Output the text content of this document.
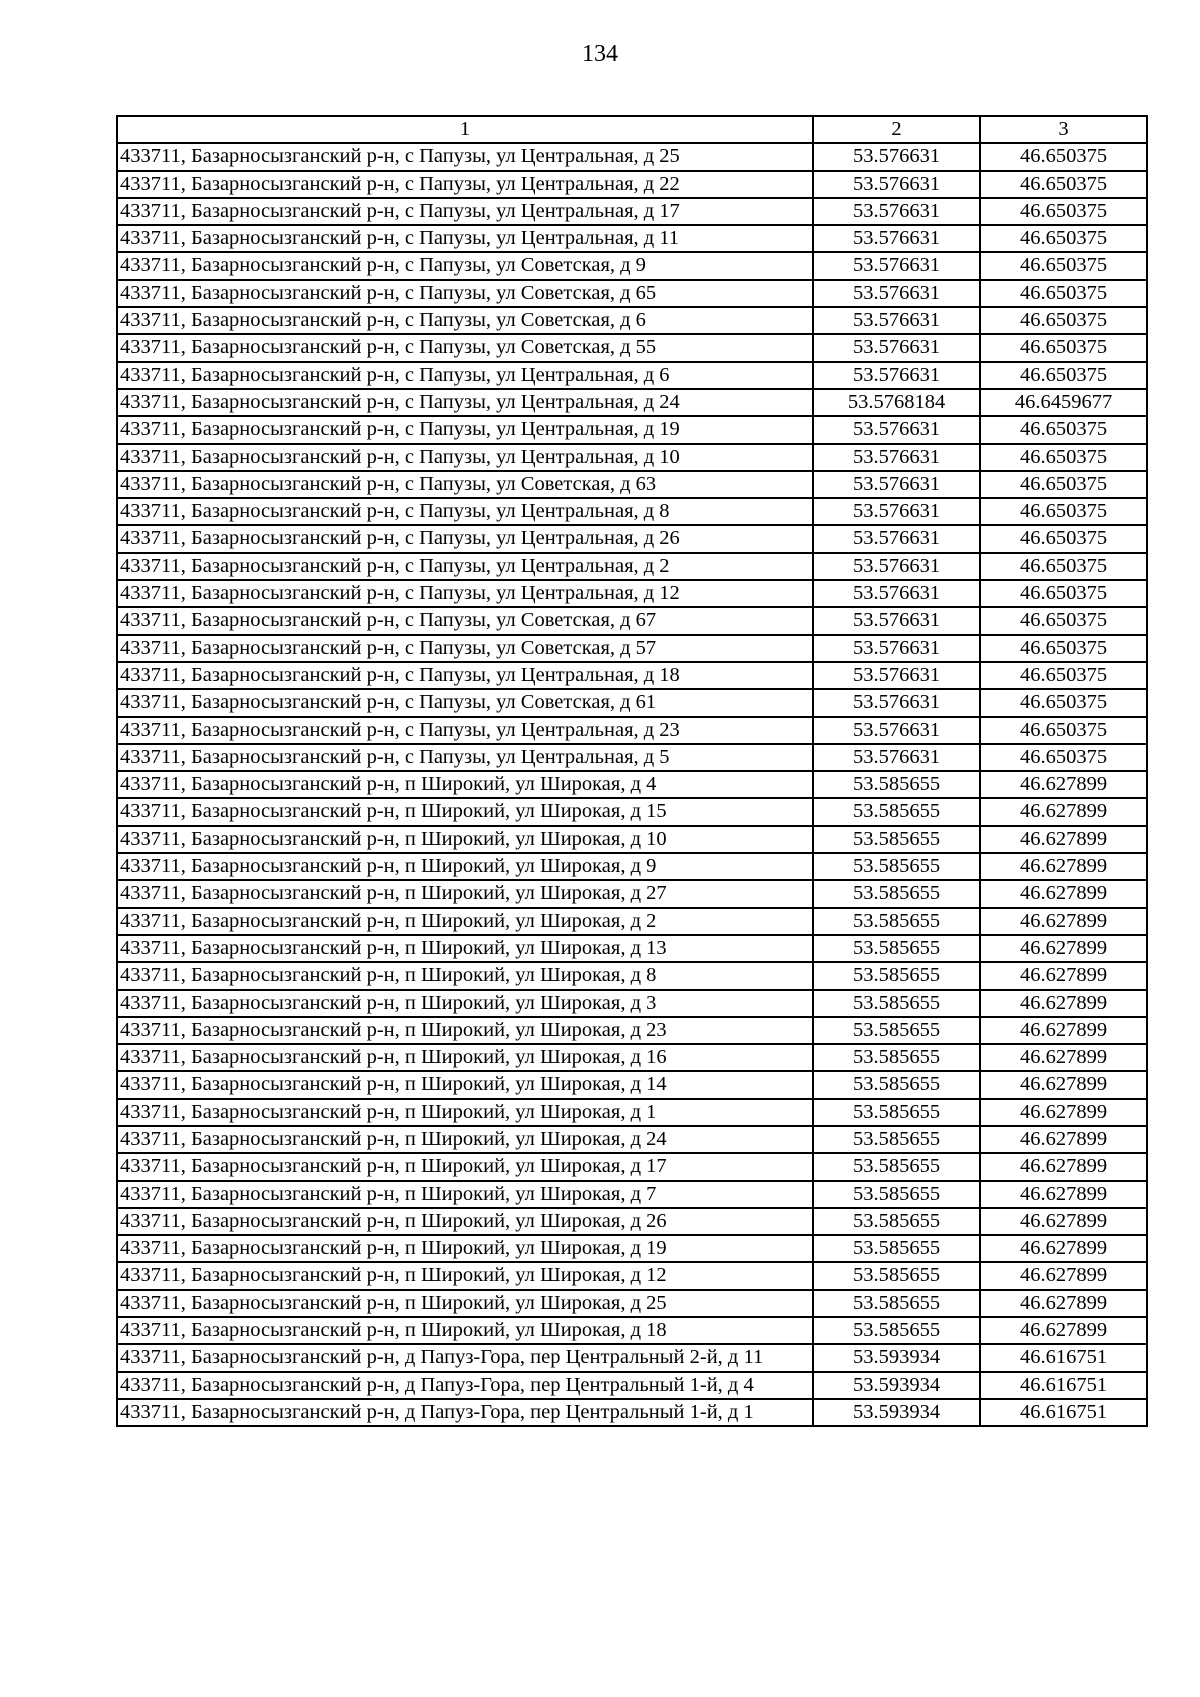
134
1	2	3
433711, Базарносызганский р-н, с Папузы, ул Центральная, д 25	53.576631	46.650375
433711, Базарносызганский р-н, с Папузы, ул Центральная, д 22	53.576631	46.650375
433711, Базарносызганский р-н, с Папузы, ул Центральная, д 17	53.576631	46.650375
433711, Базарносызганский р-н, с Папузы, ул Центральная, д 11	53.576631	46.650375
433711, Базарносызганский р-н, с Папузы, ул Советская, д 9	53.576631	46.650375
433711, Базарносызганский р-н, с Папузы, ул Советская, д 65	53.576631	46.650375
433711, Базарносызганский р-н, с Папузы, ул Советская, д 6	53.576631	46.650375
433711, Базарносызганский р-н, с Папузы, ул Советская, д 55	53.576631	46.650375
433711, Базарносызганский р-н, с Папузы, ул Центральная, д 6	53.576631	46.650375
433711, Базарносызганский р-н, с Папузы, ул Центральная, д 24	53.5768184	46.6459677
433711, Базарносызганский р-н, с Папузы, ул Центральная, д 19	53.576631	46.650375
433711, Базарносызганский р-н, с Папузы, ул Центральная, д 10	53.576631	46.650375
433711, Базарносызганский р-н, с Папузы, ул Советская, д 63	53.576631	46.650375
433711, Базарносызганский р-н, с Папузы, ул Центральная, д 8	53.576631	46.650375
433711, Базарносызганский р-н, с Папузы, ул Центральная, д 26	53.576631	46.650375
433711, Базарносызганский р-н, с Папузы, ул Центральная, д 2	53.576631	46.650375
433711, Базарносызганский р-н, с Папузы, ул Центральная, д 12	53.576631	46.650375
433711, Базарносызганский р-н, с Папузы, ул Советская, д 67	53.576631	46.650375
433711, Базарносызганский р-н, с Папузы, ул Советская, д 57	53.576631	46.650375
433711, Базарносызганский р-н, с Папузы, ул Центральная, д 18	53.576631	46.650375
433711, Базарносызганский р-н, с Папузы, ул Советская, д 61	53.576631	46.650375
433711, Базарносызганский р-н, с Папузы, ул Центральная, д 23	53.576631	46.650375
433711, Базарносызганский р-н, с Папузы, ул Центральная, д 5	53.576631	46.650375
433711, Базарносызганский р-н, п Широкий, ул Широкая, д 4	53.585655	46.627899
433711, Базарносызганский р-н, п Широкий, ул Широкая, д 15	53.585655	46.627899
433711, Базарносызганский р-н, п Широкий, ул Широкая, д 10	53.585655	46.627899
433711, Базарносызганский р-н, п Широкий, ул Широкая, д 9	53.585655	46.627899
433711, Базарносызганский р-н, п Широкий, ул Широкая, д 27	53.585655	46.627899
433711, Базарносызганский р-н, п Широкий, ул Широкая, д 2	53.585655	46.627899
433711, Базарносызганский р-н, п Широкий, ул Широкая, д 13	53.585655	46.627899
433711, Базарносызганский р-н, п Широкий, ул Широкая, д 8	53.585655	46.627899
433711, Базарносызганский р-н, п Широкий, ул Широкая, д 3	53.585655	46.627899
433711, Базарносызганский р-н, п Широкий, ул Широкая, д 23	53.585655	46.627899
433711, Базарносызганский р-н, п Широкий, ул Широкая, д 16	53.585655	46.627899
433711, Базарносызганский р-н, п Широкий, ул Широкая, д 14	53.585655	46.627899
433711, Базарносызганский р-н, п Широкий, ул Широкая, д 1	53.585655	46.627899
433711, Базарносызганский р-н, п Широкий, ул Широкая, д 24	53.585655	46.627899
433711, Базарносызганский р-н, п Широкий, ул Широкая, д 17	53.585655	46.627899
433711, Базарносызганский р-н, п Широкий, ул Широкая, д 7	53.585655	46.627899
433711, Базарносызганский р-н, п Широкий, ул Широкая, д 26	53.585655	46.627899
433711, Базарносызганский р-н, п Широкий, ул Широкая, д 19	53.585655	46.627899
433711, Базарносызганский р-н, п Широкий, ул Широкая, д 12	53.585655	46.627899
433711, Базарносызганский р-н, п Широкий, ул Широкая, д 25	53.585655	46.627899
433711, Базарносызганский р-н, п Широкий, ул Широкая, д 18	53.585655	46.627899
433711, Базарносызганский р-н, д Папуз-Гора, пер Центральный 2-й, д 11	53.593934	46.616751
433711, Базарносызганский р-н, д Папуз-Гора, пер Центральный 1-й, д 4	53.593934	46.616751
433711, Базарносызганский р-н, д Папуз-Гора, пер Центральный 1-й, д 1	53.593934	46.616751
